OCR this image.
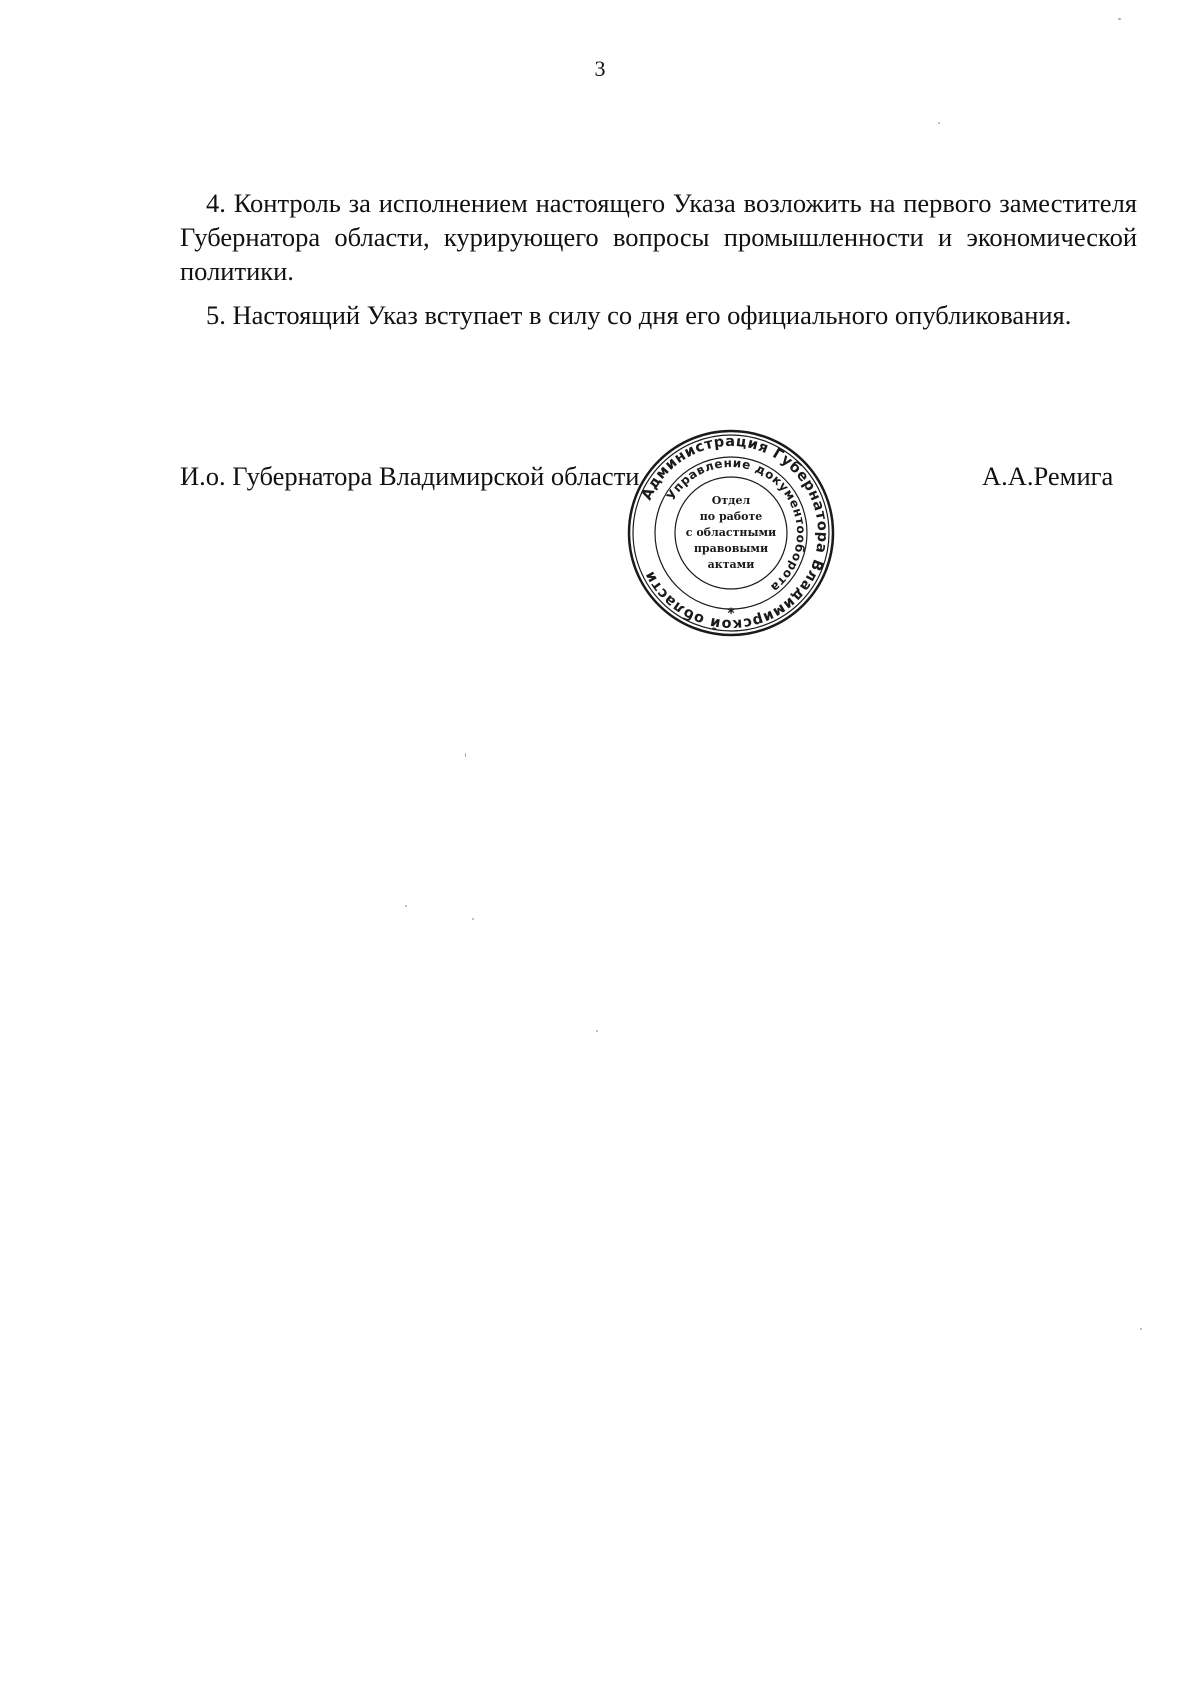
3
4. Контроль за исполнением настоящего Указа возложить на первого заместителя Губернатора области, курирующего вопросы промышленности и экономической политики.
5. Настоящий Указ вступает в силу со дня его официального опубликования.
И.о. Губернатора Владимирской области	А.А.Ремига
Администрация Губернатора Владимирской области
Управление документооборота
Отдел
по работе
с областными
правовыми
актами
*
